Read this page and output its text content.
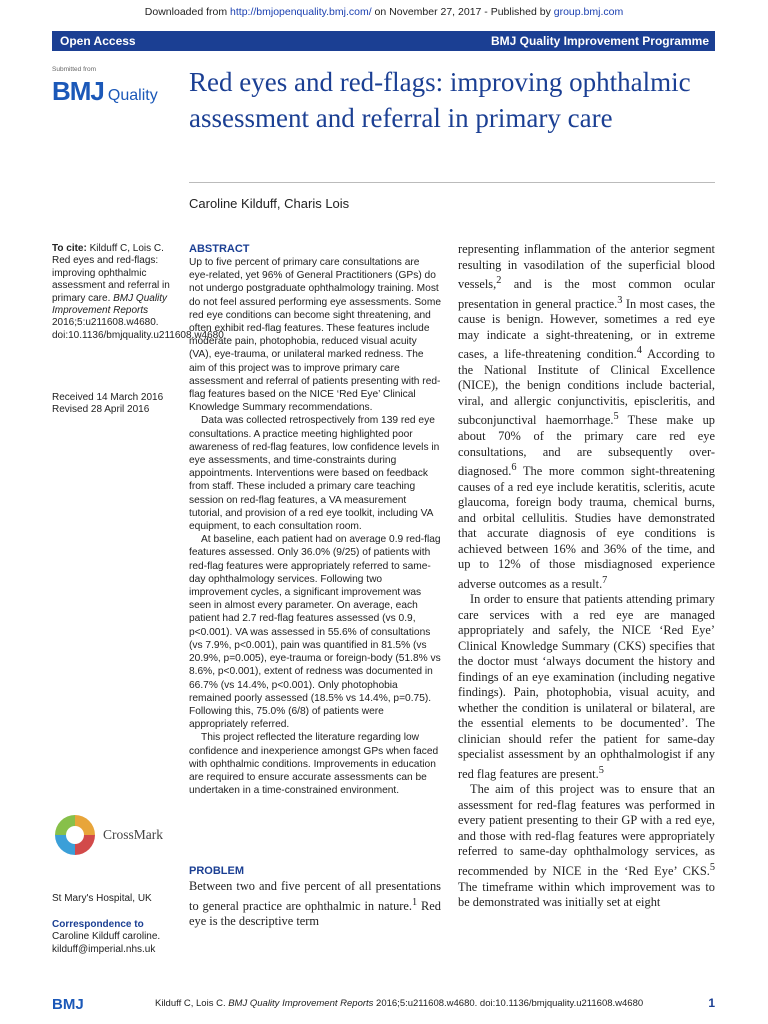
Downloaded from http://bmjopenquality.bmj.com/ on November 27, 2017 - Published by group.bmj.com
Open Access	BMJ Quality Improvement Programme
Submitted from
BMJ Quality Red eyes and red-flags: improving ophthalmic assessment and referral in primary care
Caroline Kilduff, Charis Lois
To cite: Kilduff C, Lois C. Red eyes and red-flags: improving ophthalmic assessment and referral in primary care. BMJ Quality Improvement Reports 2016;5:u211608.w4680. doi:10.1136/bmjquality.u211608.w4680
Received 14 March 2016
Revised 28 April 2016
CrossMark
St Mary's Hospital, UK
Correspondence to
Caroline Kilduff caroline.
kilduff@imperial.nhs.uk
ABSTRACT

Up to five percent of primary care consultations are eye-related, yet 96% of General Practitioners (GPs) do not undergo postgraduate ophthalmology training. Most do not feel assured performing eye assessments. Some red eye conditions can become sight threatening, and often exhibit red-flag features. These features include moderate pain, photophobia, reduced visual acuity (VA), eye-trauma, or unilateral marked redness. The aim of this project was to improve primary care assessment and referral of patients presenting with red-flag features based on the NICE ‘Red Eye’ Clinical Knowledge Summary recommendations.

Data was collected retrospectively from 139 red eye consultations. A practice meeting highlighted poor awareness of red-flag features, low confidence levels in eye assessments, and time-constraints during appointments. Interventions were based on feedback from staff. These included a primary care teaching session on red-flag features, a VA measurement tutorial, and provision of a red eye toolkit, including VA equipment, to each consultation room.

At baseline, each patient had on average 0.9 red-flag features assessed. Only 36.0% (9/25) of patients with red-flag features were appropriately referred to same-day ophthalmology services. Following two improvement cycles, a significant improvement was seen in almost every parameter. On average, each patient had 2.7 red-flag features assessed (vs 0.9, p<0.001). VA was assessed in 55.6% of consultations (vs 7.9%, p<0.001), pain was quantified in 81.5% (vs 20.9%, p=0.005), eye-trauma or foreign-body (51.8% vs 8.6%, p<0.001), extent of redness was documented in 66.7% (vs 14.4%, p<0.001). Only photophobia remained poorly assessed (18.5% vs 14.4%, p=0.75). Following this, 75.0% (6/8) of patients were appropriately referred.

This project reflected the literature regarding low confidence and inexperience amongst GPs when faced with ophthalmic conditions. Improvements in education are required to ensure accurate assessments can be undertaken in a time-constrained environment.

PROBLEM
Between two and five percent of all presentations to general practice are ophthalmic in nature.$^1$ Red eye is the descriptive term

representing inflammation of the anterior segment resulting in vasodilation of the superficial blood vessels,$^2$ and is the most common ocular presentation in general practice.$^3$ In most cases, the cause is benign. However, sometimes a red eye may indicate a sight-threatening, or in extreme cases, a life-threatening condition.$^4$ According to the National Institute of Clinical Excellence (NICE), the benign conditions include bacterial, viral, and allergic conjunctivitis, episcleritis, and subconjunctival haemorrhage.$^5$ These make up about 70% of the primary care red eye consultations, and are subsequently over-diagnosed.$^6$ The more common sight-threatening causes of a red eye include keratitis, scleritis, acute glaucoma, foreign body trauma, chemical burns, and orbital cellulitis. Studies have demonstrated that accurate diagnosis of eye conditions is achieved between 16% and 36% of the time, and up to 12% of those misdiagnosed experience adverse outcomes as a result.$^7$

In order to ensure that patients attending primary care services with a red eye are managed appropriately and safely, the NICE ‘Red Eye’ Clinical Knowledge Summary (CKS) specifies that the doctor must ‘always document the history and findings of an eye examination (including negative findings). Pain, photophobia, visual acuity, and whether the condition is unilateral or bilateral, are the essential elements to be documented’. The clinician should refer the patient for same-day specialist assessment by an ophthalmologist if any red flag features are present.$^5$

The aim of this project was to ensure that an assessment for red-flag features was performed in every patient presenting to their GP with a red eye, and those with red-flag features were appropriately referred to same-day ophthalmology services, as recommended by NICE in the ‘Red Eye’ CKS.$^5$ The timeframe within which improvement was to be demonstrated was initially set at eight

BMJ	Kilduff C, Lois C. BMJ Quality Improvement Reports 2016;5:u211608.w4680. doi:10.1136/bmjquality.u211608.w4680	1
